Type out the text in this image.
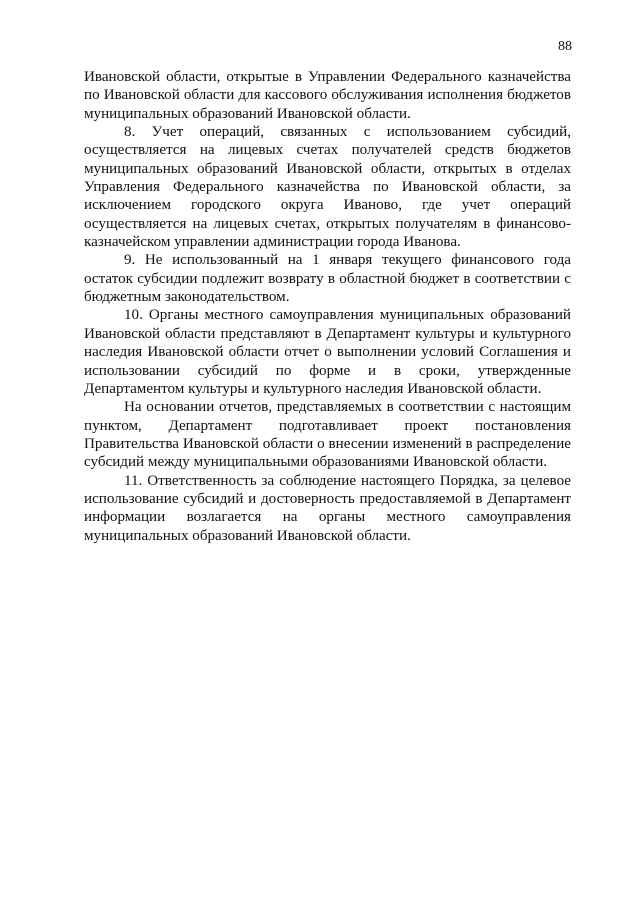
88

Ивановской области, открытые в Управлении Федерального казначейства по Ивановской области для кассового обслуживания исполнения бюджетов муниципальных образований Ивановской области.

8. Учет операций, связанных с использованием субсидий, осуществляется на лицевых счетах получателей средств бюджетов муниципальных образований Ивановской области, открытых в отделах Управления Федерального казначейства по Ивановской области, за исключением городского округа Иваново, где учет операций осуществляется на лицевых счетах, открытых получателям в финансово-казначейском управлении администрации города Иванова.

9. Не использованный на 1 января текущего финансового года остаток субсидии подлежит возврату в областной бюджет в соответствии с бюджетным законодательством.

10. Органы местного самоуправления муниципальных образований Ивановской области представляют в Департамент культуры и культурного наследия Ивановской области отчет о выполнении условий Соглашения и использовании субсидий по форме и в сроки, утвержденные Департаментом культуры и культурного наследия Ивановской области.

На основании отчетов, представляемых в соответствии с настоящим пунктом, Департамент подготавливает проект постановления Правительства Ивановской области о внесении изменений в распределение субсидий между муниципальными образованиями Ивановской области.

11. Ответственность за соблюдение настоящего Порядка, за целевое использование субсидий и достоверность предоставляемой в Департамент информации возлагается на органы местного самоуправления муниципальных образований Ивановской области.
